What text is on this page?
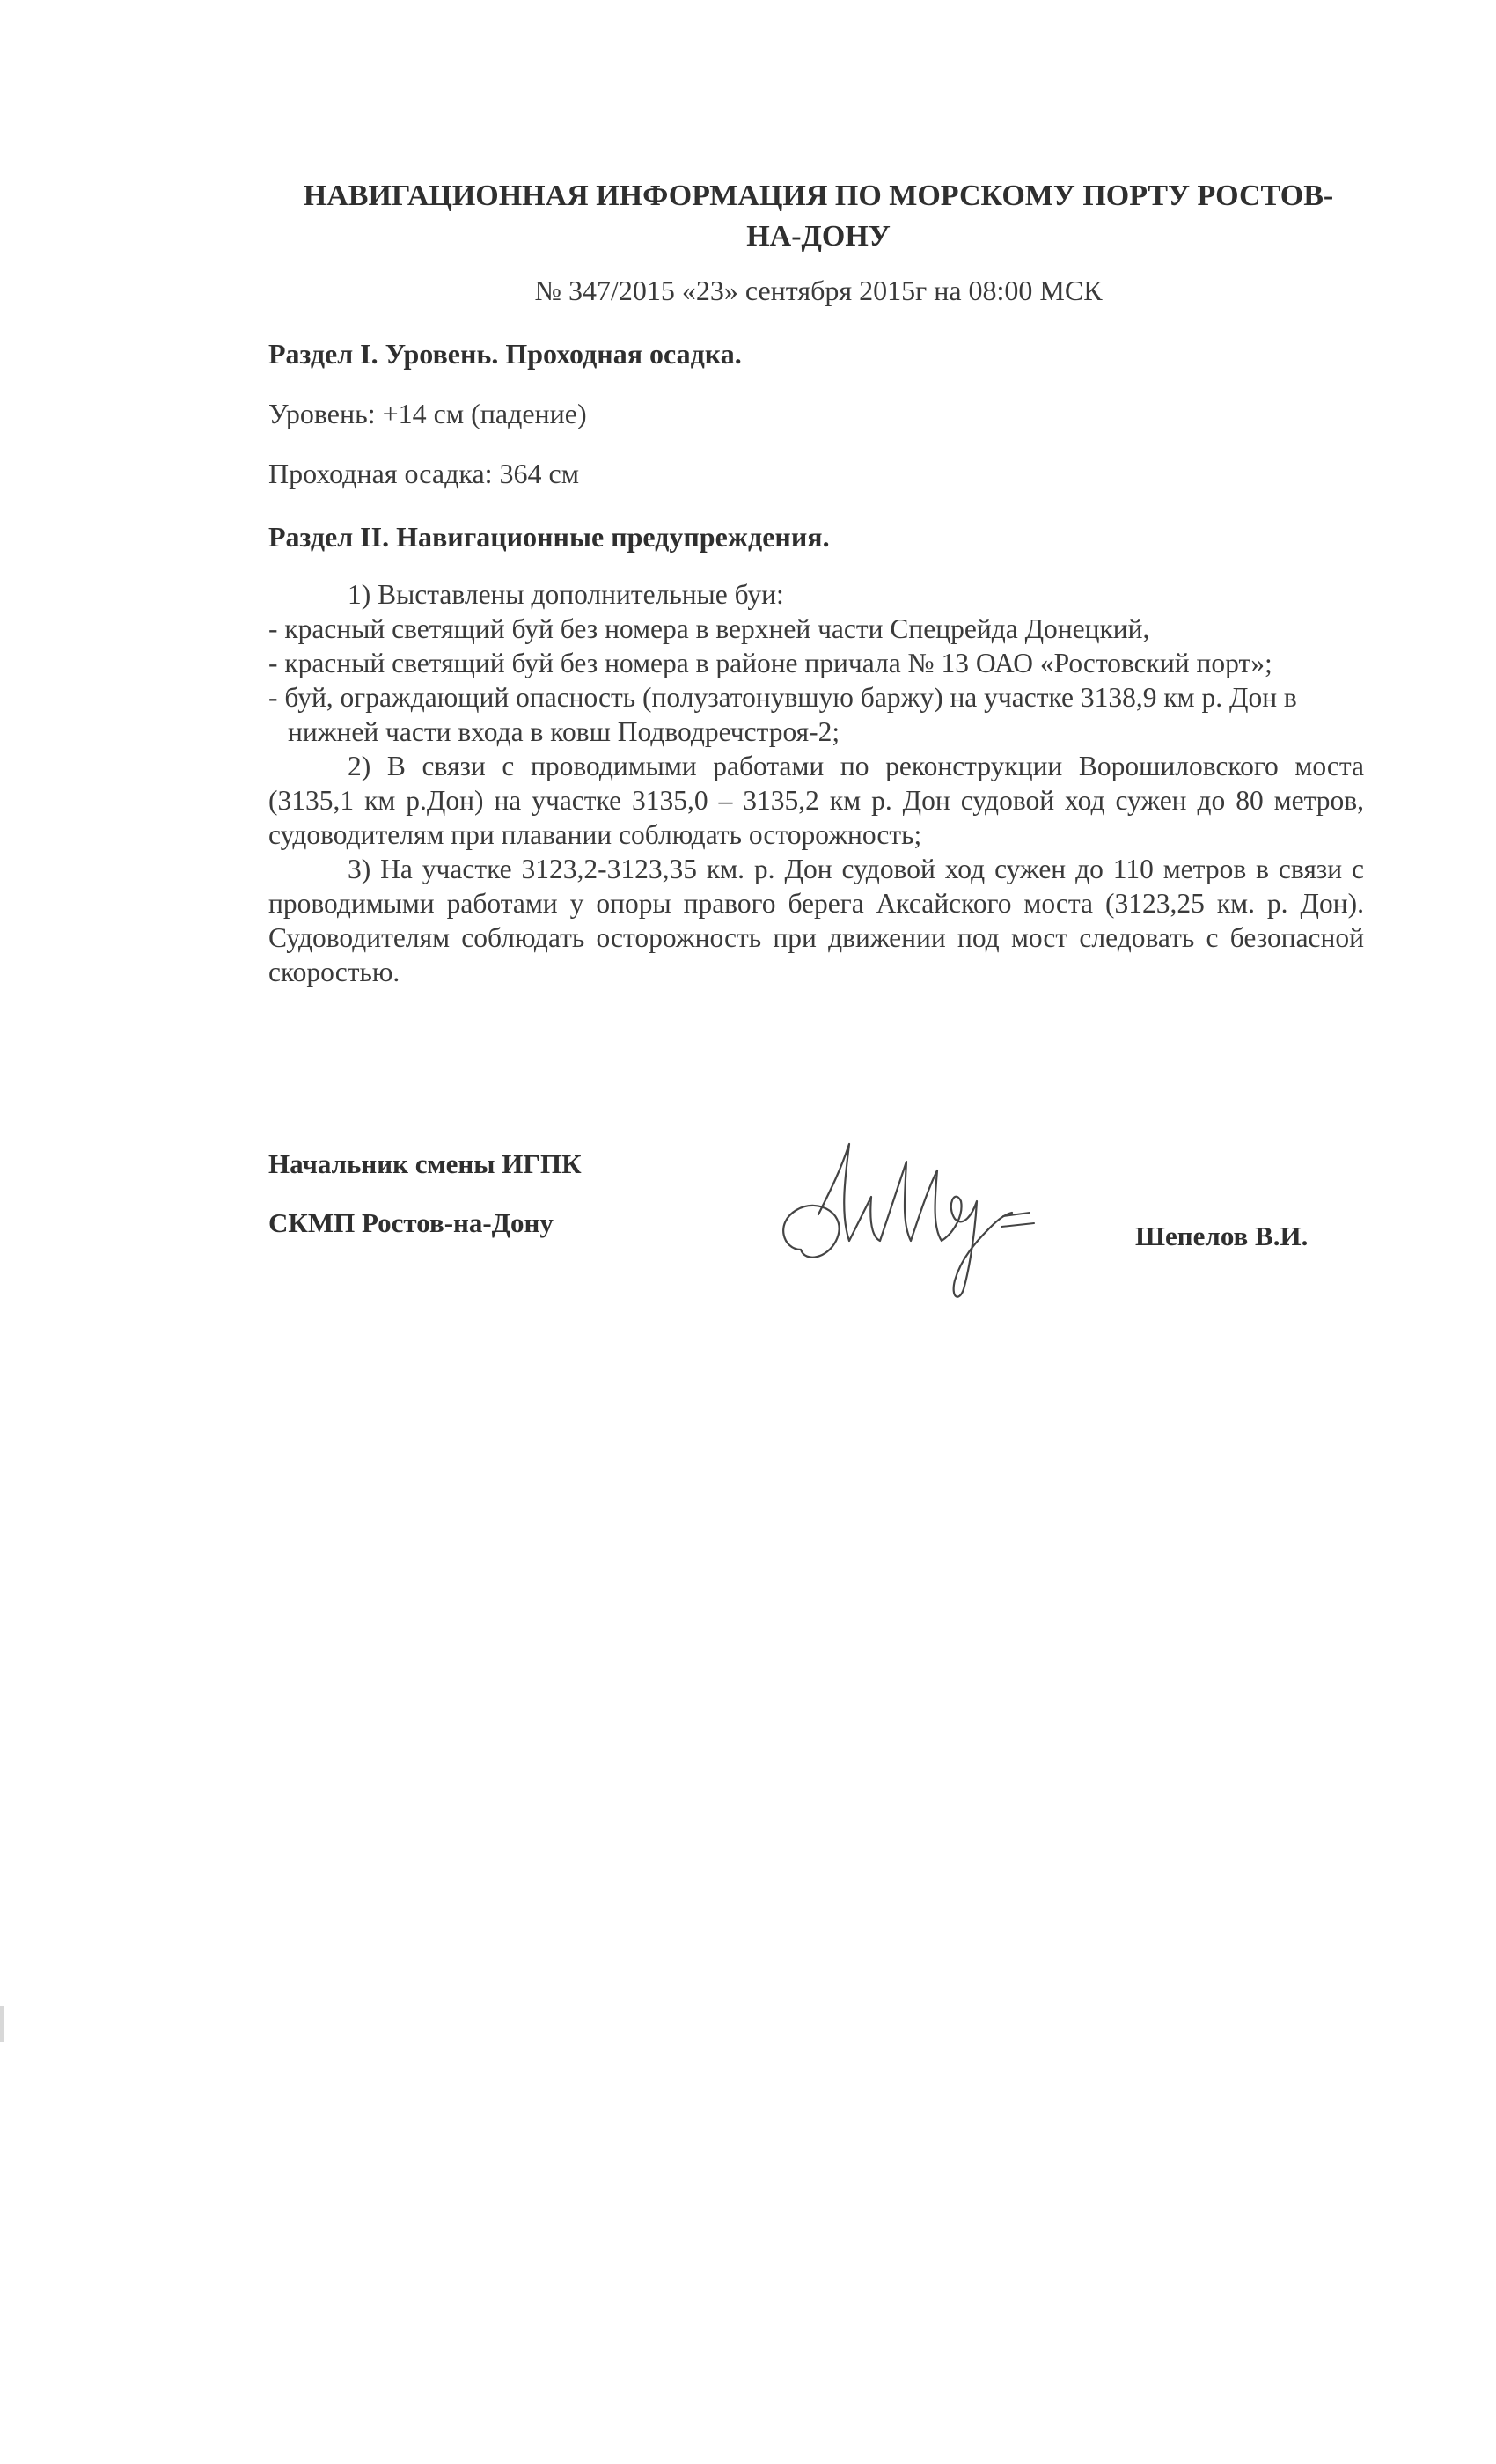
НАВИГАЦИОННАЯ ИНФОРМАЦИЯ ПО МОРСКОМУ ПОРТУ РОСТОВ-НА-ДОНУ
№ 347/2015 «23» сентября 2015г на 08:00 МСК
Раздел I. Уровень. Проходная осадка.
Уровень: +14 см (падение)
Проходная осадка: 364 см
Раздел II. Навигационные предупреждения.

1) Выставлены дополнительные буи:

- красный светящий буй без номера в верхней части Спецрейда Донецкий,

- красный светящий буй без номера в районе причала № 13 ОАО «Ростовский порт»;

- буй, ограждающий опасность (полузатонувшую баржу) на участке 3138,9 км р. Дон в нижней части входа в ковш Подводречстроя-2;

2) В связи с проводимыми работами по реконструкции Ворошиловского моста (3135,1 км р.Дон) на участке 3135,0 – 3135,2 км р. Дон судовой ход сужен до 80 метров, судоводителям при плавании соблюдать осторожность;

3) На участке 3123,2-3123,35 км. р. Дон судовой ход сужен до 110 метров в связи с проводимыми работами у опоры правого берега Аксайского моста (3123,25 км. р. Дон). Судоводителям соблюдать осторожность при движении под мост следовать с безопасной скоростью.

Начальник смены ИГПК
СКМП Ростов-на-Дону	Шепелов В.И.
